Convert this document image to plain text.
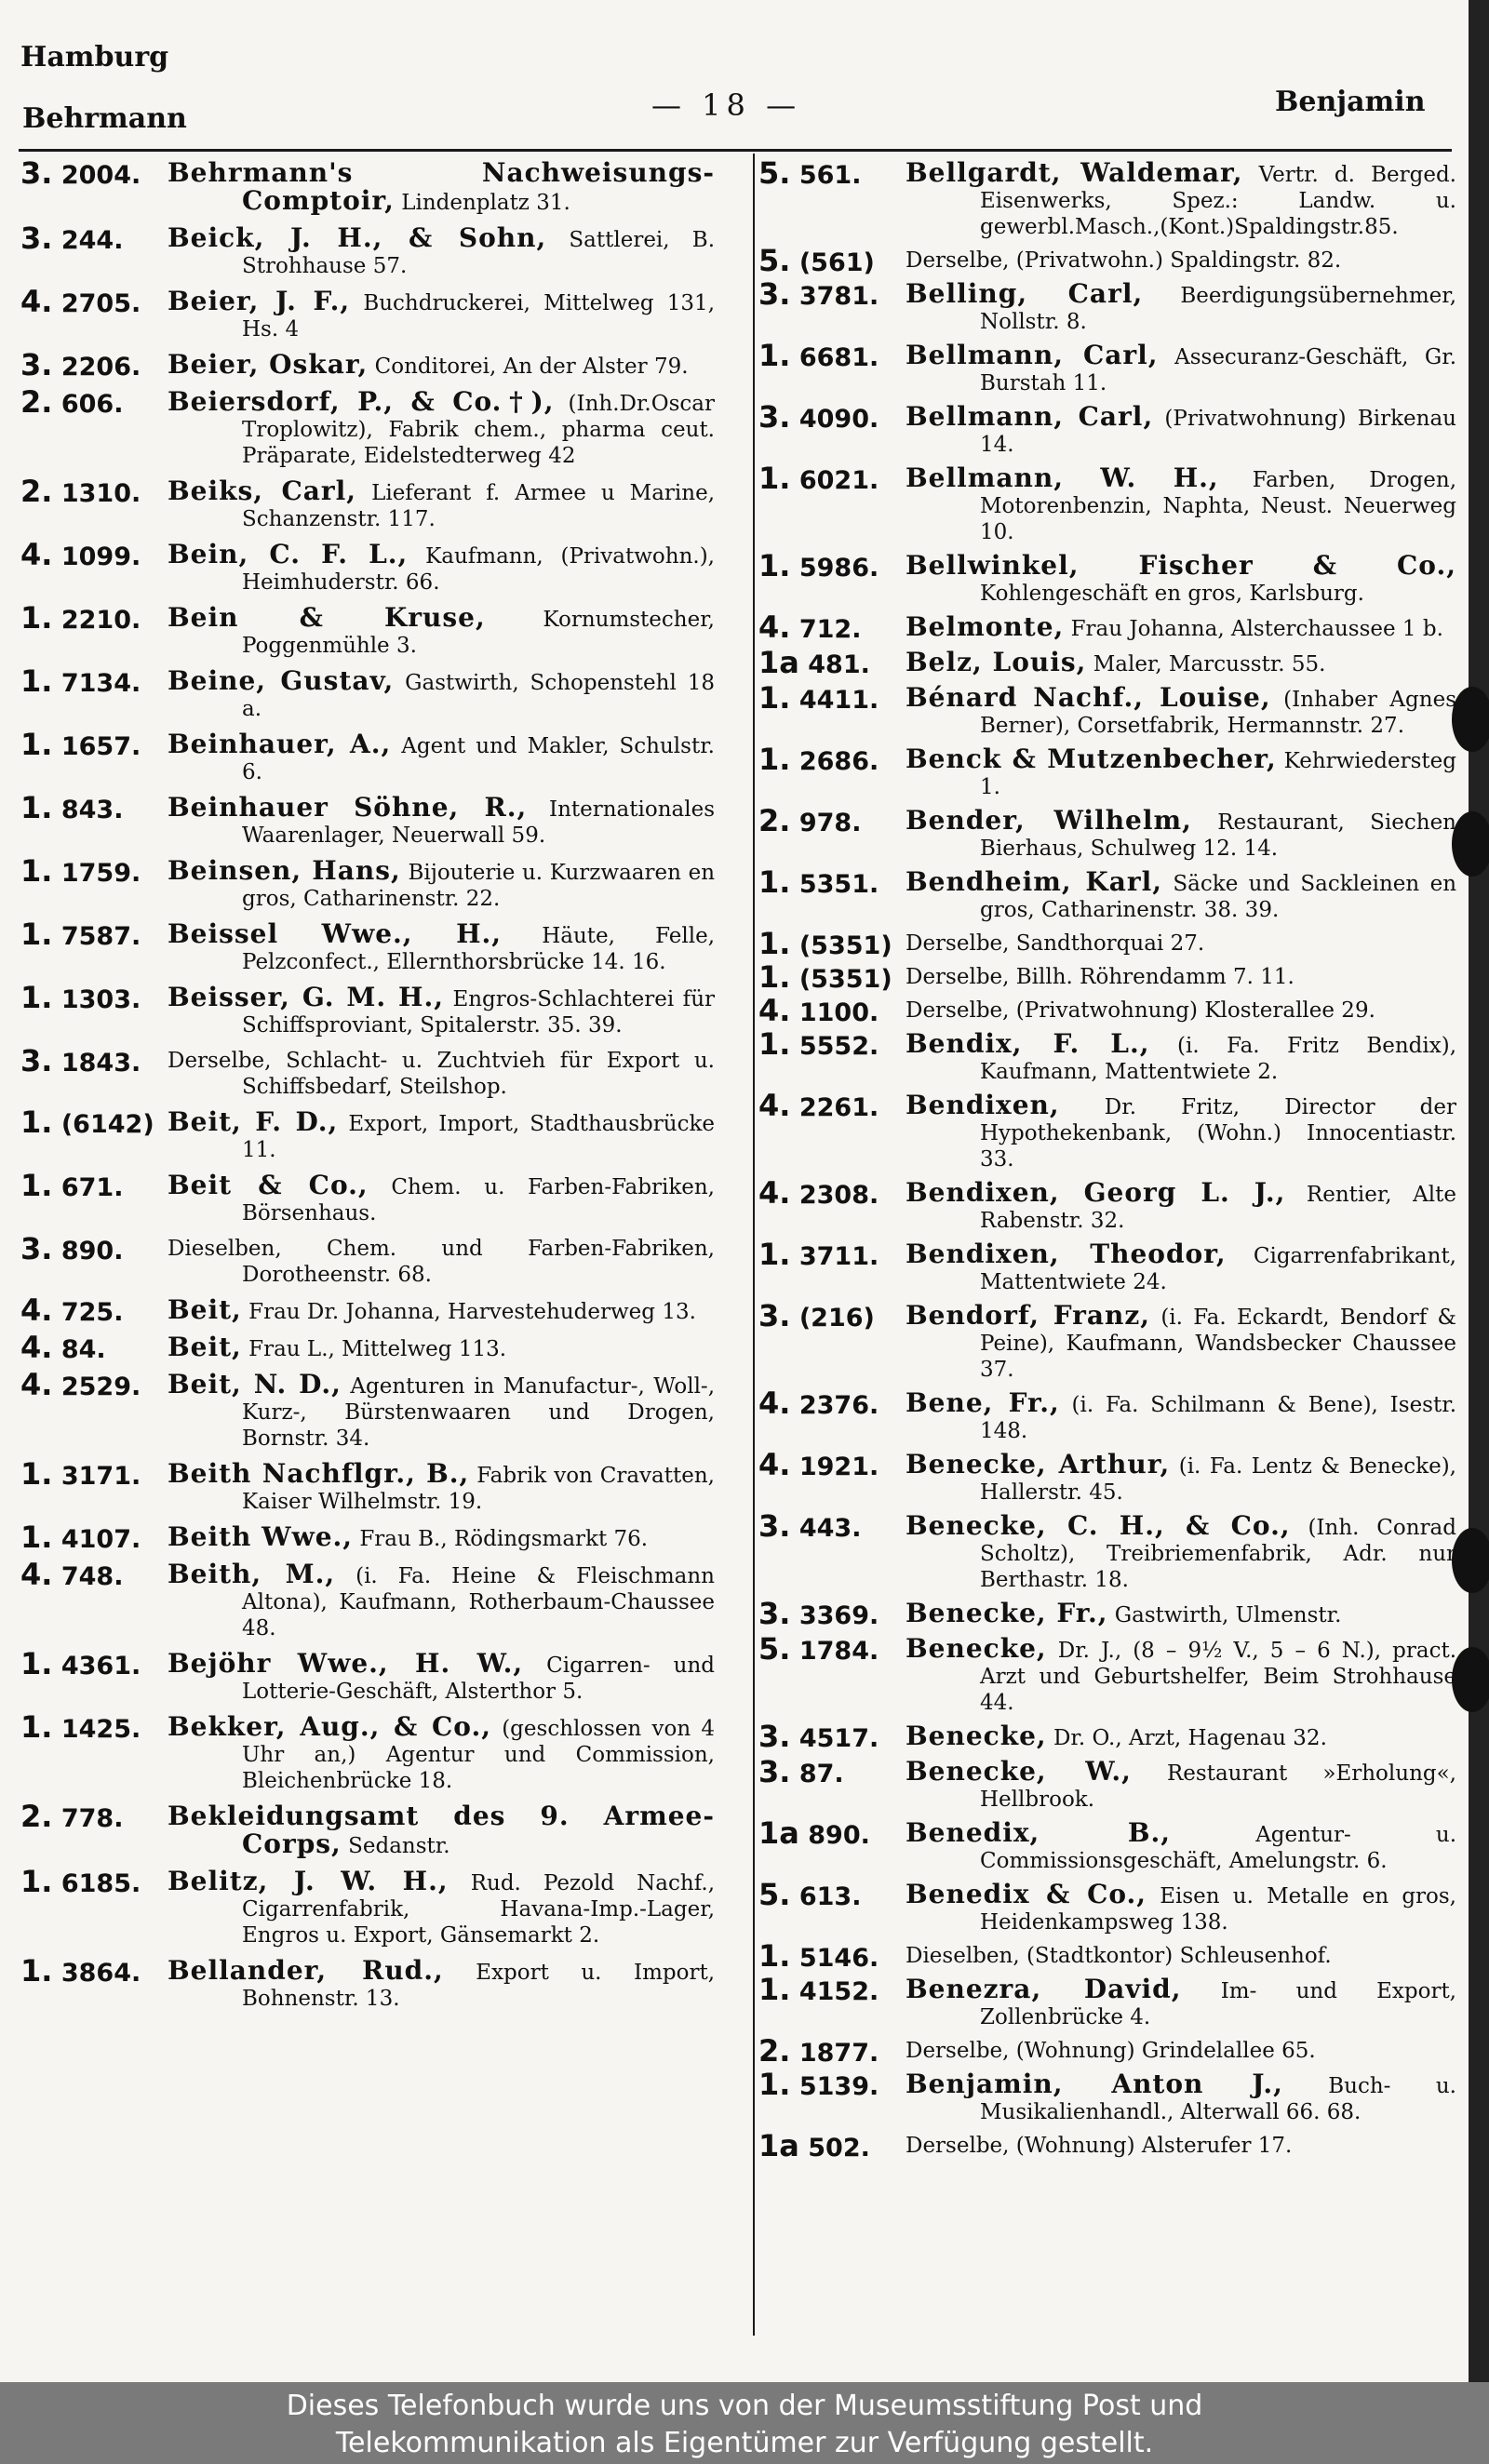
Hamburg
Behrmann	— 18 —	Benjamin
3. 2004.	Behrmann's Nachweisungs-Comptoir, Lindenplatz 31.
3. 244.	Beick, J. H., & Sohn, Sattlerei, B. Strohhause 57.
4. 2705.	Beier, J. F., Buchdruckerei, Mittelweg 131, Hs. 4
3. 2206.	Beier, Oskar, Conditorei, An der Alster 79.
2. 606.	Beiersdorf, P., & Co.†), (Inh.Dr.Oscar Troplowitz), Fabrik chem., pharma ceut. Präparate, Eidelstedterweg 42
2. 1310.	Beiks, Carl, Lieferant f. Armee u Marine, Schanzenstr. 117.
4. 1099.	Bein, C. F. L., Kaufmann, (Privatwohn.), Heimhuderstr. 66.
1. 2210.	Bein & Kruse,	Kornumstecher, Poggenmühle 3.
1. 7134.	Beine, Gustav, Gastwirth, Schopenstehl 18 a.
1. 1657.	Beinhauer, A., Agent und Makler, Schulstr. 6.
1. 843.	Beinhauer Söhne, R., Internationales Waarenlager, Neuerwall 59.
1. 1759.	Beinsen, Hans, Bijouterie u. Kurzwaaren en gros, Catharinenstr. 22.
1. 7587.	Beissel Wwe., H., Häute, Felle, Pelzconfect., Ellernthorsbrücke 14. 16.
1. 1303.	Beisser, G. M. H., Engros-Schlachterei für Schiffsproviant, Spitalerstr. 35. 39.
3. 1843.	Derselbe, Schlacht- u. Zuchtvieh für Export u. Schiffsbedarf, Steilshop.
1. (6142) Beit, F. D., Export, Import, Stadthausbrücke 11.
1. 671.	Beit & Co., Chem. u. Farben-Fabriken, Börsenhaus.
3. 890.	Dieselben, Chem. und Farben-Fabriken, Dorotheenstr. 68.
4. 725.	Beit, Frau Dr. Johanna, Harvestehuderweg 13.
4. 84.	Beit, Frau L., Mittelweg 113.
4. 2529.	Beit, N. D., Agenturen in Manufactur-, Woll-, Kurz-, Bürstenwaaren und Drogen, Bornstr. 34.
1. 3171.	Beith Nachflgr., B., Fabrik von Cravatten, Kaiser Wilhelmstr. 19.
1. 4107.	Beith Wwe., Frau B., Rödingsmarkt 76.
4. 748.	Beith, M., (i. Fa. Heine & Fleischmann Altona), Kaufmann, Rotherbaum-Chaussee 48.
1. 4361.	Bejöhr Wwe., H. W., Cigarren- und Lotterie-Geschäft, Alsterthor 5.
1. 1425.	Bekker, Aug., & Co., (geschlossen von 4 Uhr an,) Agentur und Commission, Bleichenbrücke 18.
2. 778.	Bekleidungsamt des 9. Armee-Corps, Sedanstr.
1. 6185.	Belitz, J. W. H., Rud. Pezold Nachf., Cigarrenfabrik, Havana-Imp.-Lager, Engros u. Export, Gänsemarkt 2.
1. 3864.	Bellander, Rud., Export u. Import, Bohnenstr. 13.
5. 561.	Bellgardt, Waldemar, Vertr. d. Berged. Eisenwerks, Spez.: Landw. u. gewerbl.Masch.,(Kont.)Spaldingstr.85.
5. (561)	Derselbe, (Privatwohn.) Spaldingstr. 82.
3. 3781.	Belling, Carl, Beerdigungsübernehmer, Nollstr. 8.
1. 6681.	Bellmann, Carl, Assecuranz-Geschäft, Gr. Burstah 11.
3. 4090.	Bellmann, Carl, (Privatwohnung) Birkenau 14.
1. 6021.	Bellmann, W. H., Farben, Drogen, Motorenbenzin, Naphta, Neust. Neuerweg 10.
1. 5986.	Bellwinkel, Fischer & Co., Kohlengeschäft en gros, Karlsburg.
4. 712.	Belmonte, Frau Johanna, Alsterchaussee 1 b.
1a 481.	Belz, Louis, Maler, Marcusstr. 55.
1. 4411.	Bénard Nachf., Louise, (Inhaber Agnes Berner), Corsetfabrik, Hermannstr. 27.
1. 2686.	Benck & Mutzenbecher, Kehrwiedersteg 1.
2. 978.	Bender, Wilhelm, Restaurant, Siechen Bierhaus, Schulweg 12. 14.
1. 5351.	Bendheim, Karl, Säcke und Sackleinen en gros, Catharinenstr. 38. 39.
1. (5351) Derselbe, Sandthorquai 27.
1. (5351) Derselbe, Billh. Röhrendamm 7. 11.
4. 1100.	Derselbe, (Privatwohnung) Klosterallee 29.
1. 5552.	Bendix, F. L., (i. Fa. Fritz Bendix), Kaufmann, Mattentwiete 2.
4. 2261.	Bendixen, Dr. Fritz, Director der Hypothekenbank, (Wohn.) Innocentiastr. 33.
4. 2308.	Bendixen, Georg L. J., Rentier, Alte Rabenstr. 32.
1. 3711.	Bendixen, Theodor, Cigarrenfabrikant, Mattentwiete 24.
3. (216)	Bendorf, Franz, (i. Fa. Eckardt, Bendorf & Peine), Kaufmann, Wandsbecker Chaussee 37.
4. 2376.	Bene, Fr., (i. Fa. Schilmann & Bene), Isestr. 148.
4. 1921.	Benecke, Arthur, (i. Fa. Lentz & Benecke), Hallerstr. 45.
3. 443.	Benecke, C. H., & Co., (Inh. Conrad Scholtz), Treibriemenfabrik, Adr. nur Berthastr. 18.
3. 3369.	Benecke, Fr., Gastwirth, Ulmenstr.
5. 1784.	Benecke, Dr. J., (8 – 9½ V., 5 – 6 N.), pract. Arzt und Geburtshelfer, Beim Strohhause 44.
3. 4517.	Benecke, Dr. O., Arzt, Hagenau 32.
3. 87.	Benecke, W., Restaurant »Erholung«, Hellbrook.
1a 890.	Benedix, B.,	Agentur- u. Commissionsgeschäft, Amelungstr. 6.
5. 613.	Benedix & Co., Eisen u. Metalle en gros, Heidenkampsweg 138.
1. 5146.	Dieselben, (Stadtkontor) Schleusenhof.
1. 4152.	Benezra, David, Im- und Export, Zollenbrücke 4.
2. 1877.	Derselbe, (Wohnung) Grindelallee 65.
1. 5139.	Benjamin, Anton J., Buch- u. Musikalienhandl., Alterwall 66. 68.
1a 502.	Derselbe, (Wohnung) Alsterufer 17.
Dieses Telefonbuch wurde uns von der Museumsstiftung Post und
Telekommunikation als Eigentümer zur Verfügung gestellt.
